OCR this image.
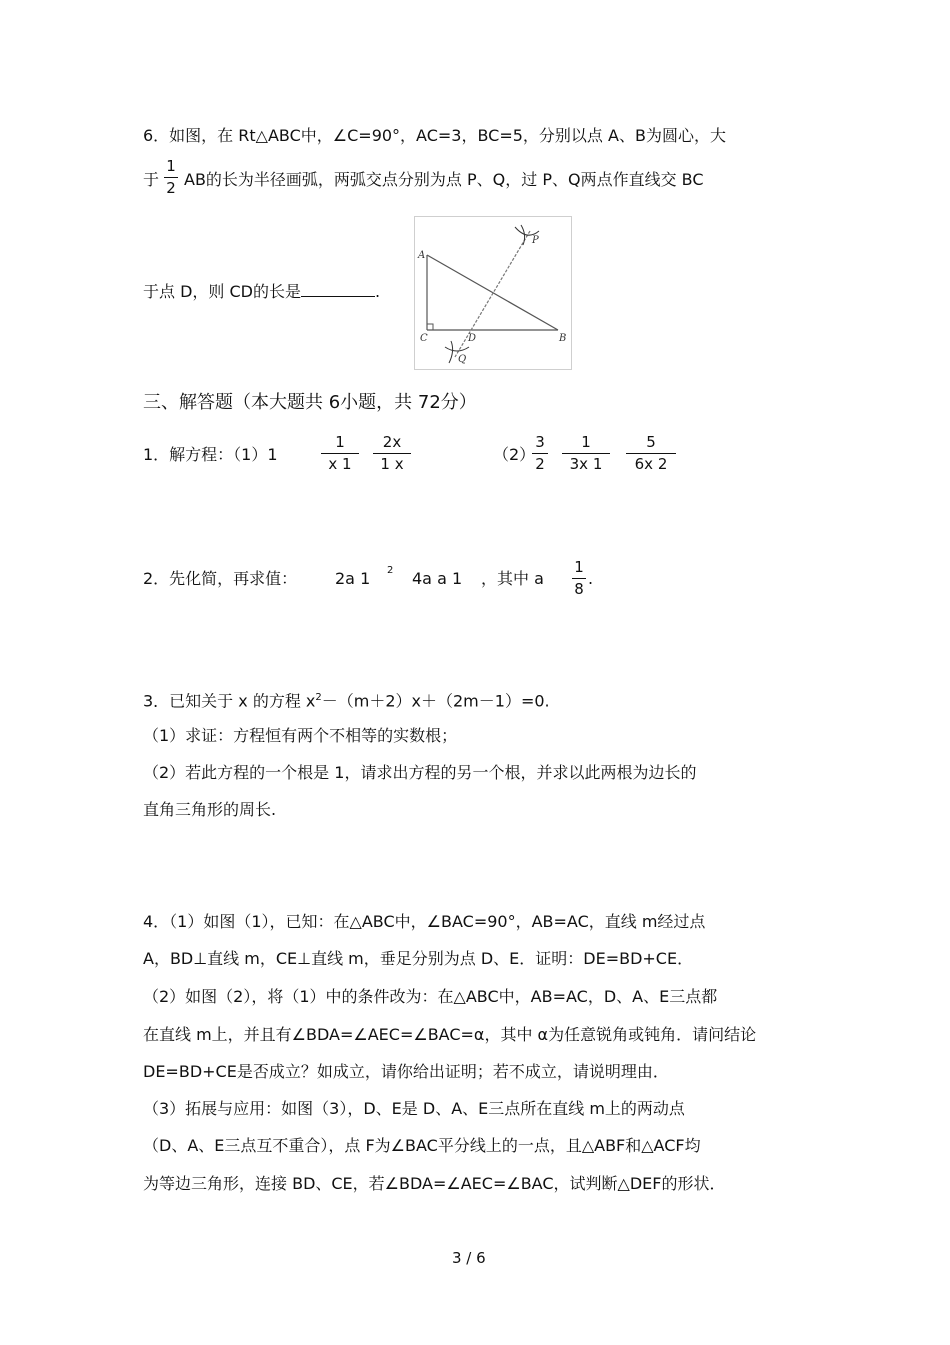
6．如图，在 Rt△ABC中，∠C=90°，AC=3，BC=5，分别以点 A、B为圆心，大
于
1
2 AB的长为半径画弧，两弧交点分别为点 P、Q，过 P、Q两点作直线交 BC
于点 D，则 CD的长是	.
A
B
C	D
P
Q
三、解答题（本大题共 6小题，共 72分）
1．解方程：（1）1
1
x 1
2x
1 x	（2）
3
2
1
3x 1
5
6x 2
2．先化简，再求值： 2a 1 2 4a a 1 ，其中 a
1
8
.
3．已知关于 x 的方程 $x^2-(m+2)x+(2m-1)=0$.
（1）求证：方程恒有两个不相等的实数根；
（2）若此方程的一个根是 1，请求出方程的另一个根，并求以此两根为边长的
直角三角形的周长.
4．（1）如图（1），已知：在△ABC中，∠BAC=90°，AB=AC，直线 m经过点
A，BD⊥直线 m，CE⊥直线 m，垂足分别为点 D、E．证明：DE=BD+CE．
（2）如图（2），将（1）中的条件改为：在△ABC中，AB=AC，D、A、E三点都
在直线 m上，并且有∠BDA=∠AEC=∠BAC=α，其中 α为任意锐角或钝角．请问结论
DE=BD+CE是否成立？如成立，请你给出证明；若不成立，请说明理由．
（3）拓展与应用：如图（3），D、E是 D、A、E三点所在直线 m上的两动点
（D、A、E三点互不重合），点 F为∠BAC平分线上的一点，且△ABF和△ACF均
为等边三角形，连接 BD、CE，若∠BDA=∠AEC=∠BAC，试判断△DEF的形状．
3 / 6
